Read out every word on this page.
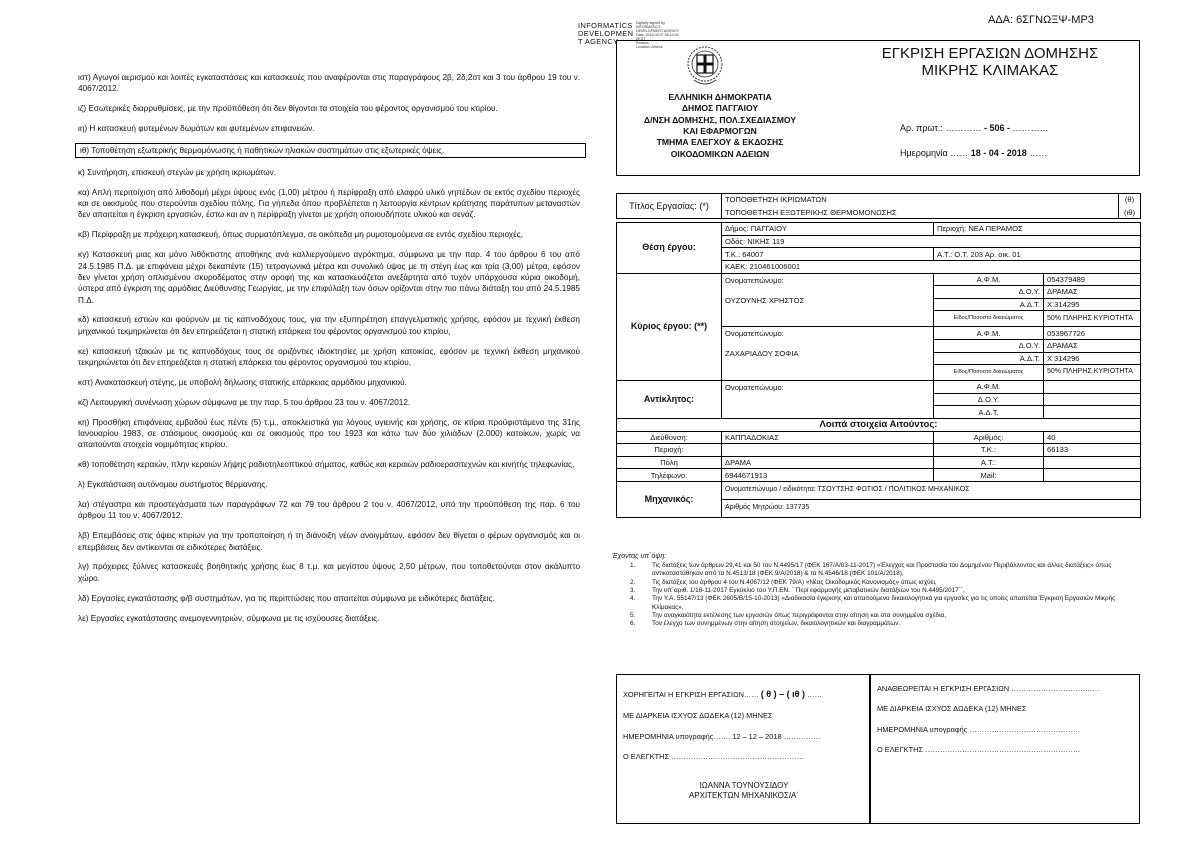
ΑΔΑ: 6ΣΓΝΩΞΨ-ΜΡ3
INFORMATICS
DEVELOPMEN
T AGENCY
Digitally signed by
INFORMATICS
DEVELOPMENT AGENCY
Date: 2018.05.07 08:14:45
EEST
Reason:
Location: Athens

ιστ) Αγωγοί αερισμού και λοιπές εγκαταστάσεις και κατασκευές που αναφέρονται στις παραγράφους 2β, 2δ,2στ και 3 του άρθρου 19 του ν. 4067/2012.

ιζ) Εσωτερικές διαρρυθμίσεις, με την προϋπόθεση ότι δεν θίγονται τα στοιχεία του φέροντος οργανισμού του κτιρίου.

ιη) Η κατασκευή φυτεμένων δωμάτων και φυτεμένων επιφανειών.

ιθ) Τοποθέτηση εξωτερικής θερμομόνωσης ή παθητικών ηλιακών συστημάτων στις εξωτερικές όψεις.

κ) Συντήρηση, επισκευή στεγών με χρήση ικριωμάτων.

κα) Απλή περιτοίχιση από λιθοδομή μέχρι ύψους ενός (1,00) μέτρου ή περίφραξη από ελαφρύ υλικό γηπέδων σε εκτός σχεδίου περιοχές και σε οικισμούς που στερούνται σχεδίου πόλης. Για γήπεδα όπου προβλέπεται η λειτουργία κέντρων κράτησης παράτυπων μεταναστών δεν απαιτείται η έγκριση εργασιών, έστω και αν η περίφραξη γίνεται με χρήση οποιουδήποτε υλικού και σενάζ.

κβ) Περίφραξη με πρόχειρη κατασκευή, όπως συρματόπλεγμα, σε οικόπεδα μη ρυμοτομούμενα σε εντός σχεδίου περιοχές,

κγ) Κατασκευή μιας και μόνο λιθόκτιστης αποθήκης ανά καλλιεργούμενο αγρόκτημα, σύμφωνα με την παρ. 4 του άρθρου 6 του από 24.5.1985 Π.Δ. με επιφάνεια μέχρι δεκαπέντε (15) τετραγωνικά μέτρα και συνολικό ύψος με τη στέγη έως και τρία (3,00) μέτρα, εφόσον δεν γίνεται χρήση οπλισμένου σκυροδέματος στην οροφή της και κατασκευάζεται ανεξάρτητα από τυχόν υπάρχουσα κύρια οικοδομή, ύστερα από έγκριση της αρμόδιας Διεύθυνσης Γεωργίας, με την επιφύλαξη των όσων ορίζονται στην πιο πάνω διάταξη του από 24.5.1985 Π.Δ.

κδ) κατασκευή εστιών και φούρνων με τις καπνοδόχους τους, για την εξυπηρέτηση επαγγελματικής χρήσης, εφόσον με τεχνική έκθεση μηχανικού τεκμηριώνεται ότι δεν επηρεάζεται η στατική επάρκεια του φέροντος οργανισμού του κτιρίου,

κε) κατασκευή τζακιών με τις καπνοδόχους τους σε οριζόντιες ιδιοκτησίες με χρήση κατοικίας, εφόσον με τεχνική έκθεση μηχανικού τεκμηριώνεται ότι δεν επηρεάζεται η στατική επάρκεια του φέροντος οργανισμού του κτιρίου,

κστ) Ανακατασκευή στέγης, με υποβολή δήλωσης στατικής επάρκειας αρμόδιου μηχανικού.

κζ) Λειτουργική συνένωση χώρων σύμφωνα με την παρ. 5 του άρθρου 23 του ν. 4067/2012.

κη) Προσθήκη επιφάνειας εμβαδού έως πέντε (5) τ.μ., αποκλειστικά για λόγους υγιεινής και χρήσης, σε κτίρια προϋφιστάμενα της 31ης Ιανουαρίου 1983, σε στάσιμους οικισμούς και σε οικισμούς προ του 1923 και κάτω των δύο χιλιάδων (2.000) κατοίκων, χωρίς να απαιτούνται στοιχεία νομιμότητας κτιρίου.

κθ) τοποθέτηση κεραιών, πλην κεραιών λήψης ραδιοτηλεοπτικού σήματος, καθώς και κεραιών ραδιοερασιτεχνών και κινητής τηλεφωνίας,

λ) Εγκατάσταση αυτόνομου συστήματος θέρμανσης.

λα) στέγαστρα και προστεγάσματα των παραγράφων 72 και 79 του άρθρου 2 του ν. 4067/2012, υπό την προϋπόθεση της παρ. 6 του άρθρου 11 του ν. 4067/2012.

λβ) Επεμβάσεις στις όψεις κτιρίων για την τροποποίηση ή τη διάνοιξη νέων ανοιγμάτων, εφόσον δεν θίγεται ο φέρων οργανισμός και οι επεμβάσεις δεν αντίκεινται σε ειδικότερες διατάξεις.

λγ) πρόχειρες ξύλινες κατασκευές βοηθητικής χρήσης έως 8 τ.μ. και μεγίστου ύψους 2,50 μέτρων, που τοποθετούνται στον ακάλυπτο χώρο.

λδ) Εργασίες εγκατάστασης φ/β συστημάτων, για τις περιπτώσεις που απαιτείται σύμφωνα με ειδικότερες διατάξεις.

λε) Εργασίες εγκατάστασης ανεμογεννητριών, σύμφωνα με τις ισχύουσες διατάξεις.

ΕΛΛΗΝΙΚΗ ΔΗΜΟΚΡΑΤΙΑ
ΔΗΜΟΣ ΠΑΓΓΑΙΟΥ
Δ/ΝΣΗ ΔΟΜΗΣΗΣ, ΠΟΛ.ΣΧΕΔΙΑΣΜΟΥ
ΚΑΙ ΕΦΑΡΜΟΓΩΝ
ΤΜΗΜΑ ΕΛΕΓΧΟΥ & ΕΚΔΟΣΗΣ
ΟΙΚΟΔΟΜΙΚΩΝ ΑΔΕΙΩΝ
ΕΓΚΡΙΣΗ ΕΡΓΑΣΙΩΝ ΔΟΜΗΣΗΣ
ΜΙΚΡΗΣ ΚΛΙΜΑΚΑΣ
Αρ. πρωτ.: ………… - 506 - …………
Ημερομηνία …… 18 - 04 - 2018 ……
Τίτλος Εργασίας: (*)	ΤΟΠΟΘΕΤΗΣΗ ΙΚΡΙΩΜΑΤΩΝ			(θ)
	ΤΟΠΟΘΕΤΗΣΗ ΕΞΩΤΕΡΙΚΗΣ ΘΕΡΜΟΜΟΝΩΣΗΣ			(ιθ)

Θέση έργου:	Δήμος: ΠΑΓΓΑΙΟΥ	Περιοχή: ΝΕΑ ΠΕΡΑΜΟΣ		
	Οδός: ΝΙΚΗΣ 119			
	Τ.Κ.: 64007	Α.Τ.: Ο.Τ. 203 Αρ. οικ. 01		
	ΚΑΕΚ: 210461006001			
Κύριος έργου: (**)	Ονοματεπώνυμο:
ΟΥΖΟΥΝΗΣ ΧΡΗΣΤΟΣ	Α.Φ.Μ.	054379489	
		Δ.Ο.Υ.	ΔΡΑΜΑΣ	
		Α.Δ.Τ.	Χ 314295	
		Είδος/Ποσοστό δικαιώματος	50% ΠΛΗΡΗΣ ΚΥΡΙΟΤΗΤΑ	

	Ονοματεπώνυμο:
ΖΑΧΑΡΙΑΔΟΥ ΣΟΦΙΑ	Α.Φ.Μ.	053967726	
		Δ.Ο.Υ.	ΔΡΑΜΑΣ	
		Α.Δ.Τ.	Χ 314296	
		Είδος/Ποσοστό δικαιώματος	50% ΠΛΗΡΗΣ ΚΥΡΙΟΤΗΤΑ	
Αντίκλητος:	Ονοματεπώνυμο:	Α.Φ.Μ.		
		Δ.Ο.Υ.		
		Α.Δ.Τ.		
Λοιπά στοιχεία Αιτούντος:				
Διεύθυνση:	ΚΑΠΠΑΔΟΚΙΑΣ	Αριθμός:	40	
Περιοχή:		Τ.Κ.:	66133	
Πόλη	ΔΡΑΜΑ	Α.Τ.:		
Τηλέφωνο:	6944671913	Mail:		
Μηχανικός:	Ονοματεπώνυμο / ειδικότητα: ΤΣΟΥΤΣΗΣ ΦΩΤΙΟΣ / ΠΟΛΙΤΙΚΟΣ ΜΗΧΑΝΙΚΟΣ			
	Αριθμός Μητρώου: 137735			
Έχοντας υπ΄όψη:
1.	Τις διατάξεις των άρθρων 29,41 και 50 του Ν.4495/17 (ΦΕΚ 167/Α/03-11-2017) «Έλεγχος και Προστασία του Δομημένου Περιβάλλοντος και άλλες διατάξεις» όπως αντικαταστάθηκαν από τα Ν.4513/18 (ΦΕΚ 9/Α/2018) & τα Ν.4546/18 (ΦΕΚ 101/Α/2018),
2.	Τις διατάξεις του άρθρου 4 του Ν.4067/12 (ΦΕΚ 79/Α) «Νέος Οικοδομικός Κανονισμός» όπως ισχύει,
3.	Την υπ΄αριθ. 1/16-11-2017 Εγκύκλιο του Υ.Π.ΕΝ. ΄΄Περί εφαρμογής μεταβατικών διατάξεων του Ν.4495/2017΄΄,
4.	Την Υ.Α. 55147/13 (ΦΕΚ 2605/Β/15-10-2013) «Διαδικασία έγκρισης και απαιτούμενα δικαιολογητικά για εργασίες για τις οποίες απαιτείται Έγκριση Εργασιών Μικρής Κλίμακας»,
5.	Την αναγκαιότητα εκτέλεσης των εργασιών όπως περιγράφονται στην αίτηση και στα συνημμένα σχέδια,
6.	Τον έλεγχο των συνημμένων στην αίτηση στοιχείων, δικαιολογητικών και διαγραμμάτων.
ΧΟΡΗΓΕΙΤΑΙ Η ΕΓΚΡΙΣΗ ΕΡΓΑΣΙΩΝ…… ( θ ) – ( ιθ ) ……
ΜΕ ΔΙΑΡΚΕΙΑ ΙΣΧΥΟΣ ΔΩΔΕΚΑ (12) ΜΗΝΕΣ
ΗΜΕΡΟΜΗΝΙΑ υπογραφής……. 12 – 12 – 2018 ……………
Ο ΕΛΕΓΚΤΗΣ ………………………………………………
ΙΩΑΝΝΑ ΤΟΥΝΟΥΣΙΔΟΥ
ΑΡΧΙΤΕΚΤΩΝ ΜΗΧΑΝΙΚΟΣ/Α΄
ΑΝΑΘΕΩΡΕΙΤΑΙ Η ΕΓΚΡΙΣΗ ΕΡΓΑΣΙΩΝ ………………………………
ΜΕ ΔΙΑΡΚΕΙΑ ΙΣΧΥΟΣ ΔΩΔΕΚΑ (12) ΜΗΝΕΣ
ΗΜΕΡΟΜΗΝΙΑ υπογραφής ………………………………………
Ο ΕΛΕΓΚΤΗΣ ………………………………………………………
